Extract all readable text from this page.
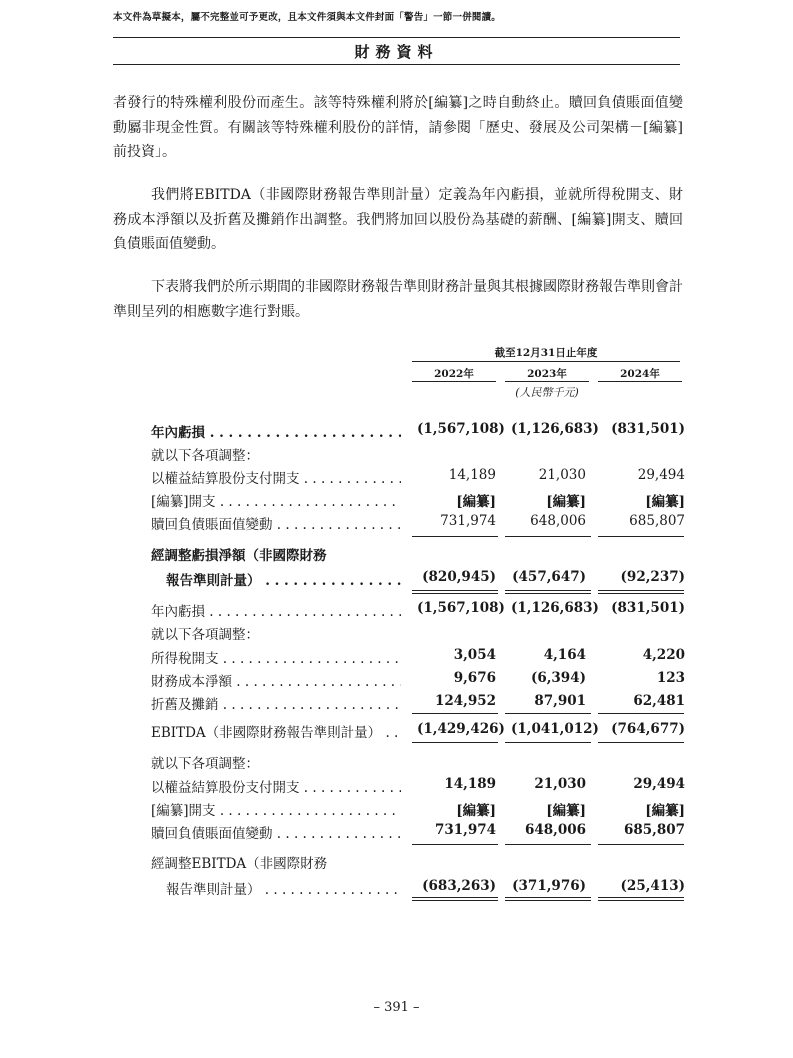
本文件為草擬本，屬不完整並可予更改，且本文件須與本文件封面「警告」一節一併閱讀。
財務資料

者發行的特殊權利股份而產生。該等特殊權利將於[編纂]之時自動終止。贖回負債賬面值變動屬非現金性質。有關該等特殊權利股份的詳情，請參閱「歷史、發展及公司架構－[編纂]前投資」。

我們將EBITDA（非國際財務報告準則計量）定義為年內虧損，並就所得稅開支、財務成本淨額以及折舊及攤銷作出調整。我們將加回以股份為基礎的薪酬、[編纂]開支、贖回負債賬面值變動。

下表將我們於所示期間的非國際財務報告準則財務計量與其根據國際財務報告準則會計準則呈列的相應數字進行對賬。

截至12月31日止年度
2022年	2023年	2024年
(人民幣千元)
年內虧損 . . .	(1,567,108) (1,126,683) (831,501)
就以下各項調整：
以權益結算股份支付開支 . . .	14,189	21,030	29,494
[編纂]開支 . . .	[編纂]	[編纂]	[編纂]
贖回負債賬面值變動 . . .	731,974	648,006	685,807
經調整虧損淨額（非國際財務
報告準則計量） . . .	(820,945) (457,647)	(92,237)
年內虧損 . . .	(1,567,108) (1,126,683) (831,501)
就以下各項調整：
所得稅開支 . . .	3,054	4,164	4,220
財務成本淨額 . . .	9,676	(6,394)	123
折舊及攤銷 . . .	124,952	87,901	62,481
EBITDA（非國際財務報告準則計量） . . .	(1,429,426) (1,041,012) (764,677)
就以下各項調整：
以權益結算股份支付開支 . . .	14,189	21,030	29,494
[編纂]開支 . . .	[編纂]	[編纂]	[編纂]
贖回負債賬面值變動 . . .	731,974	648,006	685,807
經調整EBITDA（非國際財務
報告準則計量） . . .	(683,263) (371,976)	(25,413)
– 391 –
